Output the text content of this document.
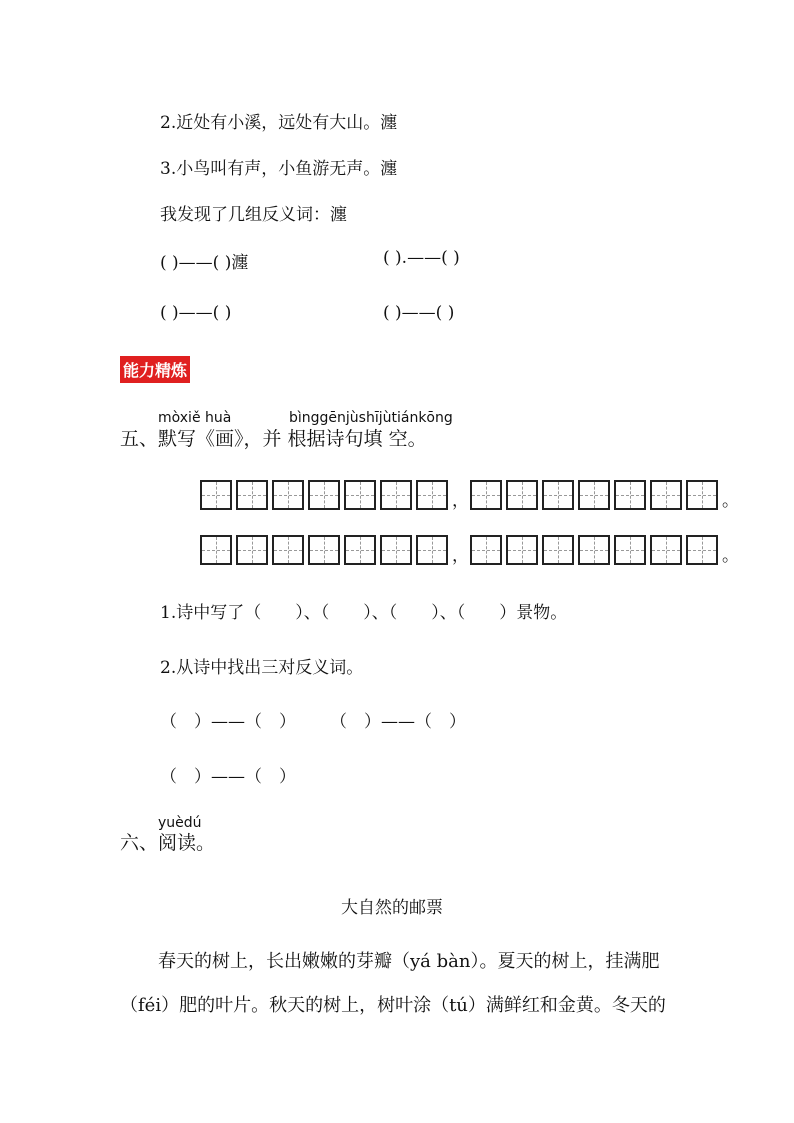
2.近处有小溪，远处有大山。瀍
3.小鸟叫有声，小鱼游无声。瀍
我发现了几组反义词：瀍
( )——( )瀍	( ).——( )
( )——( )	( )——( )
能力精炼
mòxiě huà	bìnggēnjùshījùtiánkōng
五、默写《画》，并 根据诗句填 空。
，	。
，	。
1.诗中写了（　　）、（　　）、（　　）、（　　）景物。
2.从诗中找出三对反义词。
（　）——（　） （　）——（　）
（　）——（　）
yuèdú
六、阅读。
大自然的邮票
春天的树上，长出嫩嫩的芽瓣（yá bàn）。夏天的树上，挂满肥
（féi）肥的叶片。秋天的树上，树叶涂（tú）满鲜红和金黄。冬天的
